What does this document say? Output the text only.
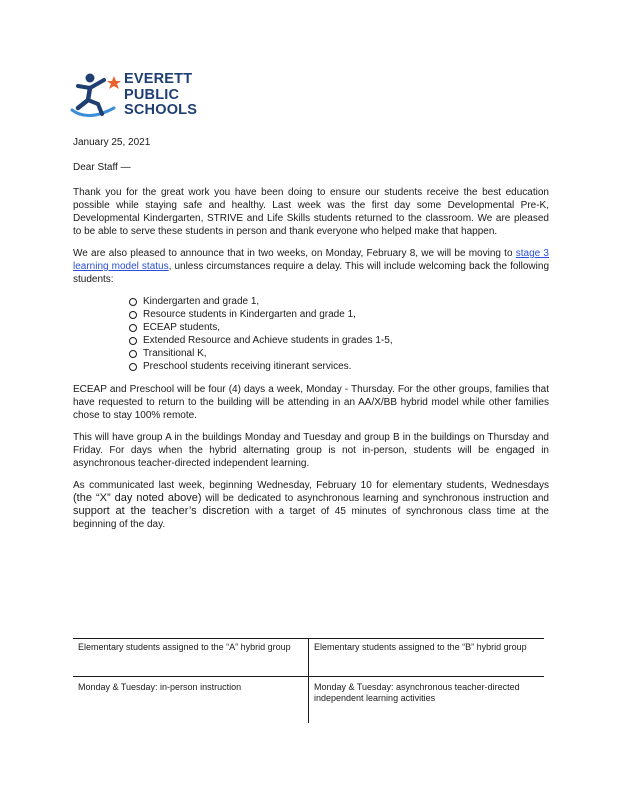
EVERETT
PUBLIC
SCHOOLS

January 25, 2021

Dear Staff —

Thank you for the great work you have been doing to ensure our students receive the best education possible while staying safe and healthy. Last week was the first day some Developmental Pre-K, Developmental Kindergarten, STRIVE and Life Skills students returned to the classroom. We are pleased to be able to serve these students in person and thank everyone who helped make that happen.

We are also pleased to announce that in two weeks, on Monday, February 8, we will be moving to stage 3 learning model status, unless circumstances require a delay. This will include welcoming back the following students:

Kindergarten and grade 1,
Resource students in Kindergarten and grade 1,
ECEAP students,
Extended Resource and Achieve students in grades 1-5,
Transitional K,
Preschool students receiving itinerant services.

ECEAP and Preschool will be four (4) days a week, Monday - Thursday. For the other groups, families that have requested to return to the building will be attending in an AA/X/BB hybrid model while other families chose to stay 100% remote.

This will have group A in the buildings Monday and Tuesday and group B in the buildings on Thursday and Friday. For days when the hybrid alternating group is not in-person, students will be engaged in asynchronous teacher-directed independent learning.

As communicated last week, beginning Wednesday, February 10 for elementary students, Wednesdays (the “X” day noted above) will be dedicated to asynchronous learning and synchronous instruction and support at the teacher’s discretion with a target of 45 minutes of synchronous class time at the beginning of the day.

Elementary students assigned to the “A” hybrid group	Elementary students assigned to the “B” hybrid group
Monday & Tuesday: in-person instruction	Monday & Tuesday: asynchronous teacher-directed independent learning activities
